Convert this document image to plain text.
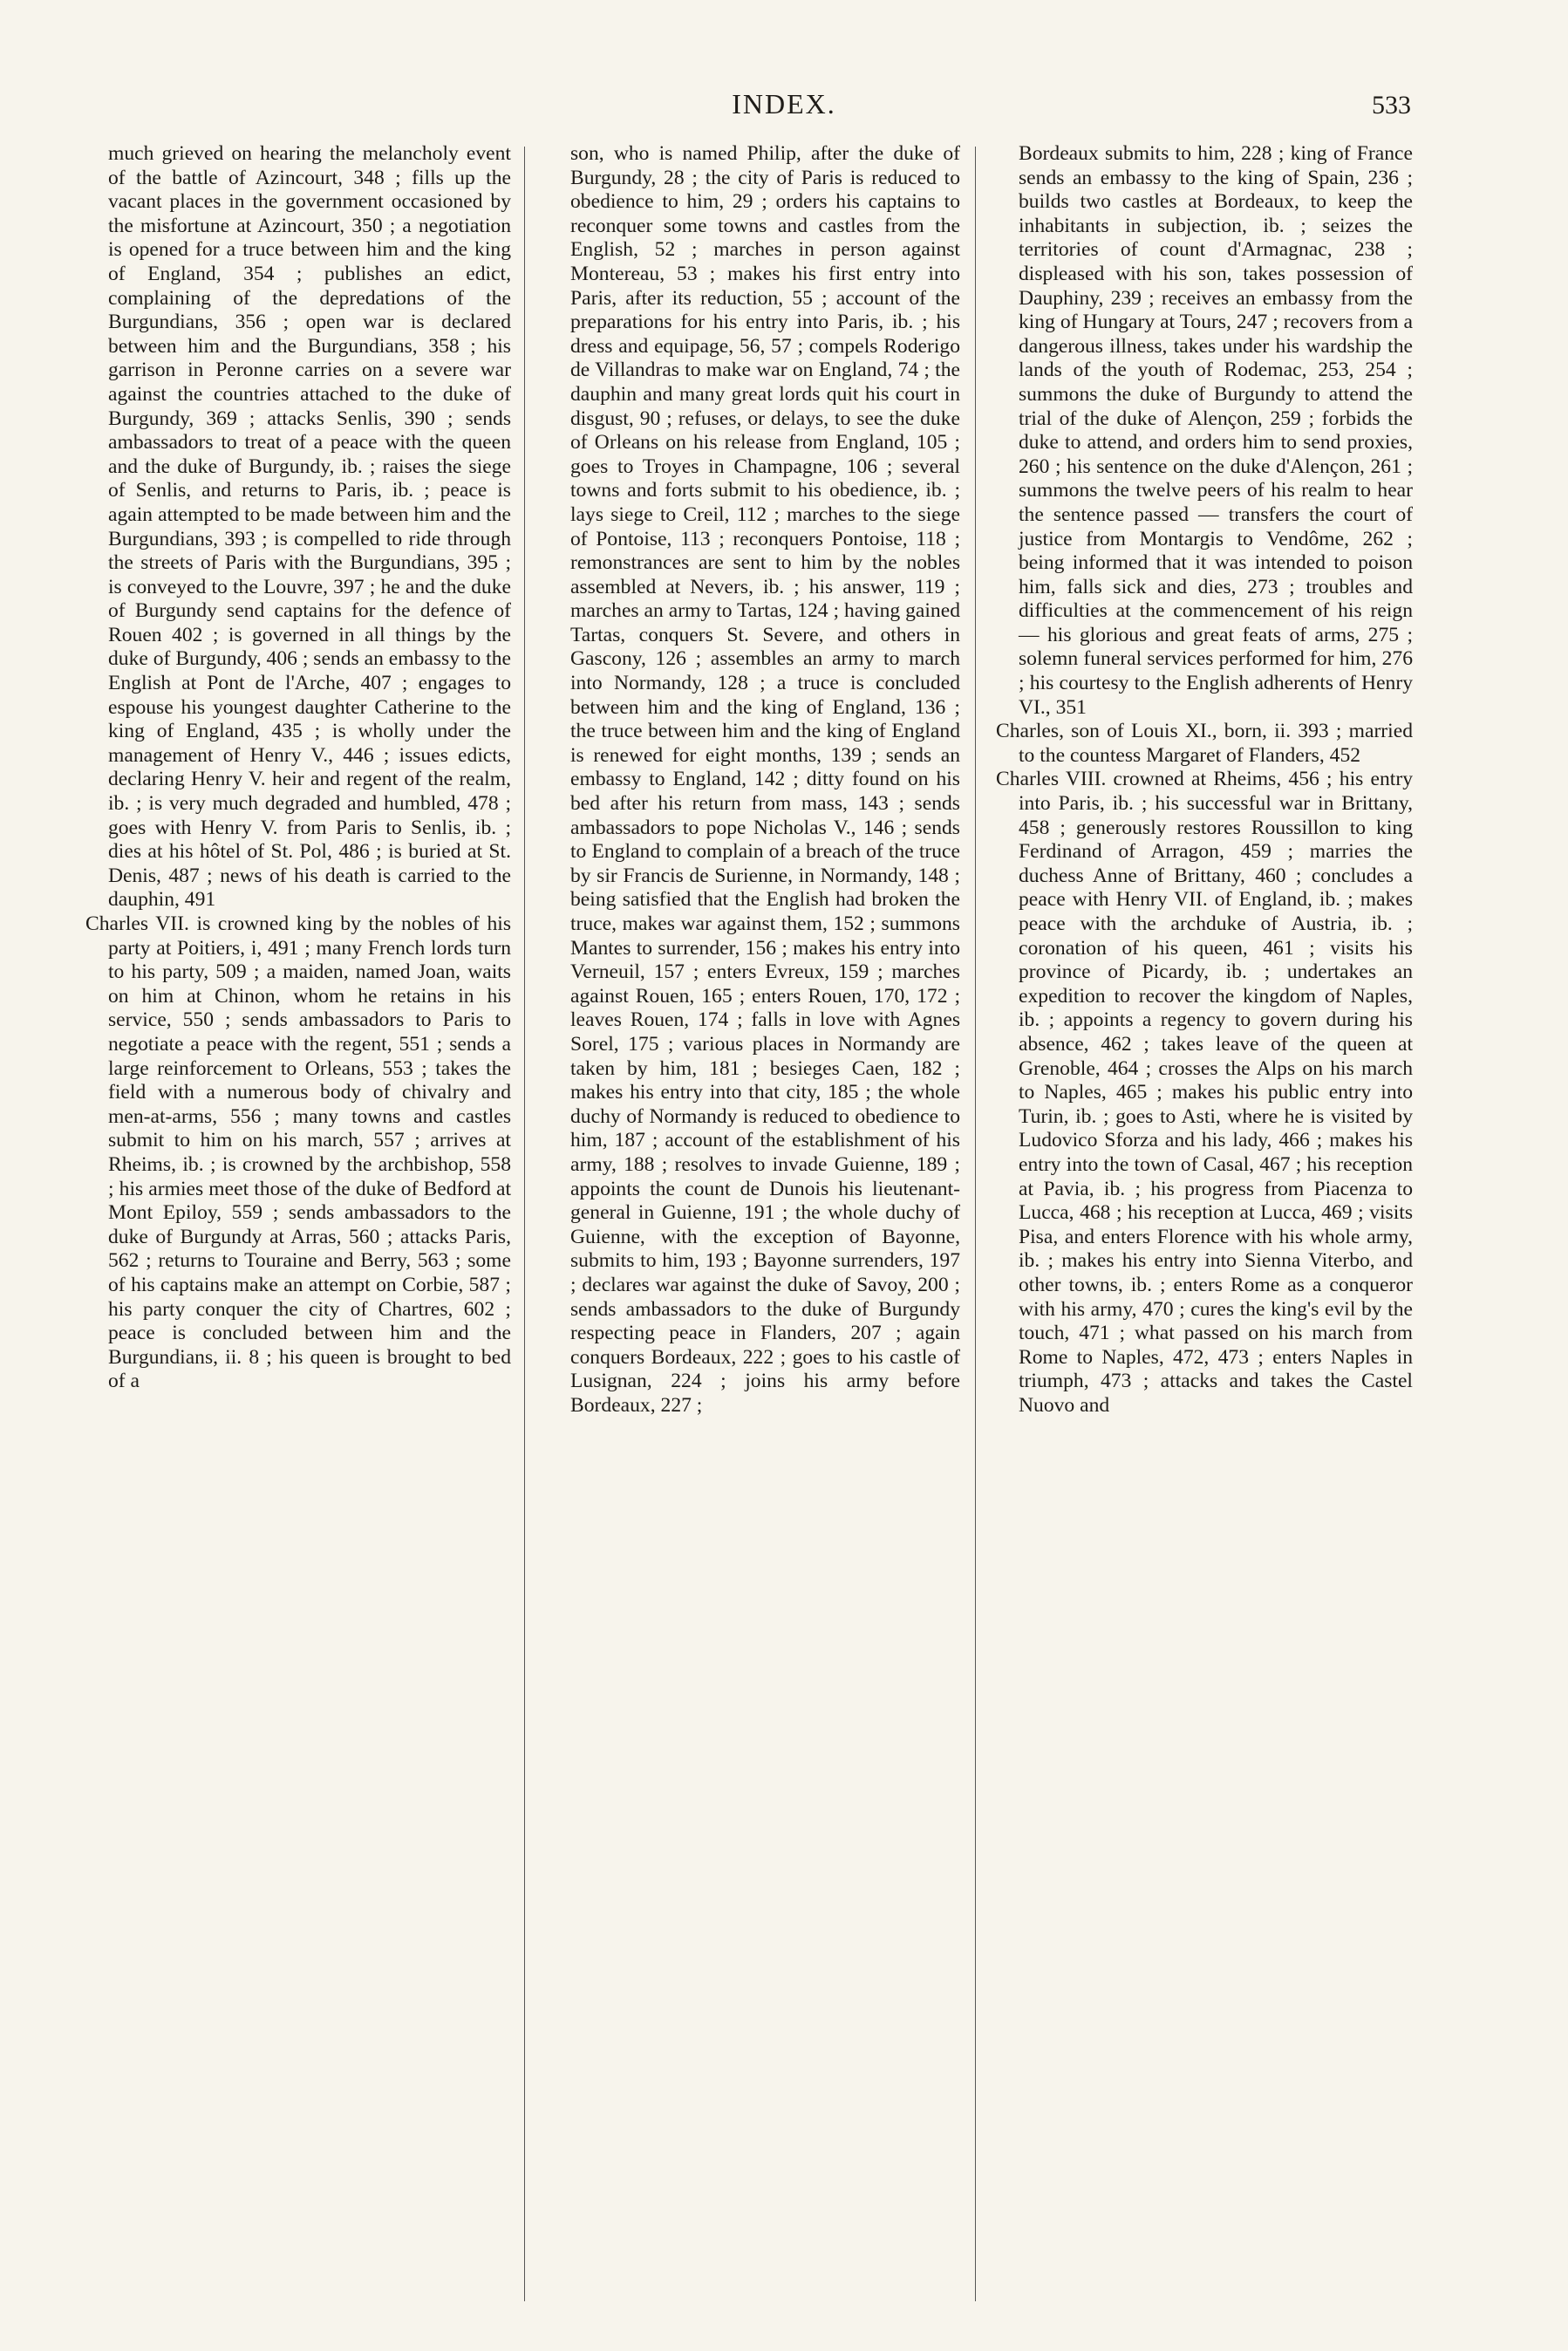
INDEX.	533

much grieved on hearing the melancholy event of the battle of Azincourt, 348 ; fills up the vacant places in the government occasioned by the misfortune at Azincourt, 350 ; a negotiation is opened for a truce between him and the king of England, 354 ; publishes an edict, complaining of the depredations of the Burgundians, 356 ; open war is declared between him and the Burgundians, 358 ; his garrison in Peronne carries on a severe war against the countries attached to the duke of Burgundy, 369 ; attacks Senlis, 390 ; sends ambassadors to treat of a peace with the queen and the duke of Burgundy, ib. ; raises the siege of Senlis, and returns to Paris, ib. ; peace is again attempted to be made between him and the Burgundians, 393 ; is compelled to ride through the streets of Paris with the Burgundians, 395 ; is conveyed to the Louvre, 397 ; he and the duke of Burgundy send captains for the defence of Rouen 402 ; is governed in all things by the duke of Burgundy, 406 ; sends an embassy to the English at Pont de l'Arche, 407 ; engages to espouse his youngest daughter Catherine to the king of England, 435 ; is wholly under the management of Henry V., 446 ; issues edicts, declaring Henry V. heir and regent of the realm, ib. ; is very much degraded and humbled, 478 ; goes with Henry V. from Paris to Senlis, ib. ; dies at his hôtel of St. Pol, 486 ; is buried at St. Denis, 487 ; news of his death is carried to the dauphin, 491

Charles VII. is crowned king by the nobles of his party at Poitiers, i, 491 ; many French lords turn to his party, 509 ; a maiden, named Joan, waits on him at Chinon, whom he retains in his service, 550 ; sends ambassadors to Paris to negotiate a peace with the regent, 551 ; sends a large reinforcement to Orleans, 553 ; takes the field with a numerous body of chivalry and men-at-arms, 556 ; many towns and castles submit to him on his march, 557 ; arrives at Rheims, ib. ; is crowned by the archbishop, 558 ; his armies meet those of the duke of Bedford at Mont Epiloy, 559 ; sends ambassadors to the duke of Burgundy at Arras, 560 ; attacks Paris, 562 ; returns to Touraine and Berry, 563 ; some of his captains make an attempt on Corbie, 587 ; his party conquer the city of Chartres, 602 ; peace is concluded between him and the Burgundians, ii. 8 ; his queen is brought to bed of a

son, who is named Philip, after the duke of Burgundy, 28 ; the city of Paris is reduced to obedience to him, 29 ; orders his captains to reconquer some towns and castles from the English, 52 ; marches in person against Montereau, 53 ; makes his first entry into Paris, after its reduction, 55 ; account of the preparations for his entry into Paris, ib. ; his dress and equipage, 56, 57 ; compels Roderigo de Villandras to make war on England, 74 ; the dauphin and many great lords quit his court in disgust, 90 ; refuses, or delays, to see the duke of Orleans on his release from England, 105 ; goes to Troyes in Champagne, 106 ; several towns and forts submit to his obedience, ib. ; lays siege to Creil, 112 ; marches to the siege of Pontoise, 113 ; reconquers Pontoise, 118 ; remonstrances are sent to him by the nobles assembled at Nevers, ib. ; his answer, 119 ; marches an army to Tartas, 124 ; having gained Tartas, conquers St. Severe, and others in Gascony, 126 ; assembles an army to march into Normandy, 128 ; a truce is concluded between him and the king of England, 136 ; the truce between him and the king of England is renewed for eight months, 139 ; sends an embassy to England, 142 ; ditty found on his bed after his return from mass, 143 ; sends ambassadors to pope Nicholas V., 146 ; sends to England to complain of a breach of the truce by sir Francis de Surienne, in Normandy, 148 ; being satisfied that the English had broken the truce, makes war against them, 152 ; summons Mantes to surrender, 156 ; makes his entry into Verneuil, 157 ; enters Evreux, 159 ; marches against Rouen, 165 ; enters Rouen, 170, 172 ; leaves Rouen, 174 ; falls in love with Agnes Sorel, 175 ; various places in Normandy are taken by him, 181 ; besieges Caen, 182 ; makes his entry into that city, 185 ; the whole duchy of Normandy is reduced to obedience to him, 187 ; account of the establishment of his army, 188 ; resolves to invade Guienne, 189 ; appoints the count de Dunois his lieutenant-general in Guienne, 191 ; the whole duchy of Guienne, with the exception of Bayonne, submits to him, 193 ; Bayonne surrenders, 197 ; declares war against the duke of Savoy, 200 ; sends ambassadors to the duke of Burgundy respecting peace in Flanders, 207 ; again conquers Bordeaux, 222 ; goes to his castle of Lusignan, 224 ; joins his army before Bordeaux, 227 ;

Bordeaux submits to him, 228 ; king of France sends an embassy to the king of Spain, 236 ; builds two castles at Bordeaux, to keep the inhabitants in subjection, ib. ; seizes the territories of count d'Armagnac, 238 ; displeased with his son, takes possession of Dauphiny, 239 ; receives an embassy from the king of Hungary at Tours, 247 ; recovers from a dangerous illness, takes under his wardship the lands of the youth of Rodemac, 253, 254 ; summons the duke of Burgundy to attend the trial of the duke of Alençon, 259 ; forbids the duke to attend, and orders him to send proxies, 260 ; his sentence on the duke d'Alençon, 261 ; summons the twelve peers of his realm to hear the sentence passed — transfers the court of justice from Montargis to Vendôme, 262 ; being informed that it was intended to poison him, falls sick and dies, 273 ; troubles and difficulties at the commencement of his reign — his glorious and great feats of arms, 275 ; solemn funeral services performed for him, 276 ; his courtesy to the English adherents of Henry VI., 351

Charles, son of Louis XI., born, ii. 393 ; married to the countess Margaret of Flanders, 452

Charles VIII. crowned at Rheims, 456 ; his entry into Paris, ib. ; his successful war in Brittany, 458 ; generously restores Roussillon to king Ferdinand of Arragon, 459 ; marries the duchess Anne of Brittany, 460 ; concludes a peace with Henry VII. of England, ib. ; makes peace with the archduke of Austria, ib. ; coronation of his queen, 461 ; visits his province of Picardy, ib. ; undertakes an expedition to recover the kingdom of Naples, ib. ; appoints a regency to govern during his absence, 462 ; takes leave of the queen at Grenoble, 464 ; crosses the Alps on his march to Naples, 465 ; makes his public entry into Turin, ib. ; goes to Asti, where he is visited by Ludovico Sforza and his lady, 466 ; makes his entry into the town of Casal, 467 ; his reception at Pavia, ib. ; his progress from Piacenza to Lucca, 468 ; his reception at Lucca, 469 ; visits Pisa, and enters Florence with his whole army, ib. ; makes his entry into Sienna Viterbo, and other towns, ib. ; enters Rome as a conqueror with his army, 470 ; cures the king's evil by the touch, 471 ; what passed on his march from Rome to Naples, 472, 473 ; enters Naples in triumph, 473 ; attacks and takes the Castel Nuovo and
